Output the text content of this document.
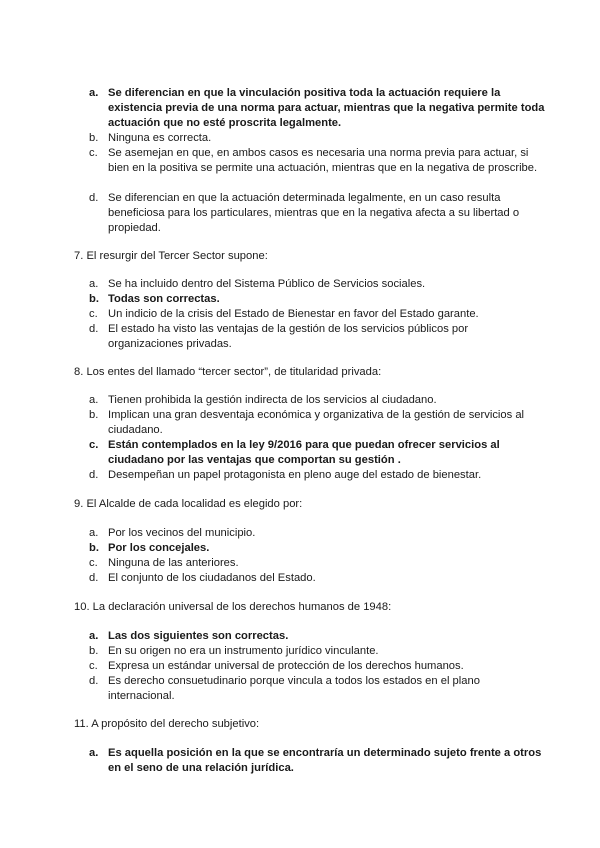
a. Se diferencian en que la vinculación positiva toda la actuación requiere la existencia previa de una norma para actuar, mientras que la negativa permite toda actuación que no esté proscrita legalmente.
b. Ninguna es correcta.
c. Se asemejan en que, en ambos casos es necesaria una norma previa para actuar, si bien en la positiva se permite una actuación, mientras que en la negativa de proscribe.
d. Se diferencian en que la actuación determinada legalmente, en un caso resulta beneficiosa para los particulares, mientras que en la negativa afecta a su libertad o propiedad.
7. El resurgir del Tercer Sector supone:
a. Se ha incluido dentro del Sistema Público de Servicios sociales.
b. Todas son correctas.
c. Un indicio de la crisis del Estado de Bienestar en favor del Estado garante.
d. El estado ha visto las ventajas de la gestión de los servicios públicos por organizaciones privadas.
8. Los entes del llamado “tercer sector”, de titularidad privada:
a. Tienen prohibida la gestión indirecta de los servicios al ciudadano.
b. Implican una gran desventaja económica y organizativa de la gestión de servicios al ciudadano.
c. Están contemplados en la ley 9/2016 para que puedan ofrecer servicios al ciudadano por las ventajas que comportan su gestión .
d. Desempeñan un papel protagonista en pleno auge del estado de bienestar.
9. El Alcalde de cada localidad es elegido por:
a. Por los vecinos del municipio.
b. Por los concejales.
c. Ninguna de las anteriores.
d. El conjunto de los ciudadanos del Estado.
10. La declaración universal de los derechos humanos de 1948:
a. Las dos siguientes son correctas.
b. En su origen no era un instrumento jurídico vinculante.
c. Expresa un estándar universal de protección de los derechos humanos.
d. Es derecho consuetudinario porque vincula a todos los estados en el plano internacional.
11. A propósito del derecho subjetivo:
a. Es aquella posición en la que se encontraría un determinado sujeto frente a otros en el seno de una relación jurídica.
